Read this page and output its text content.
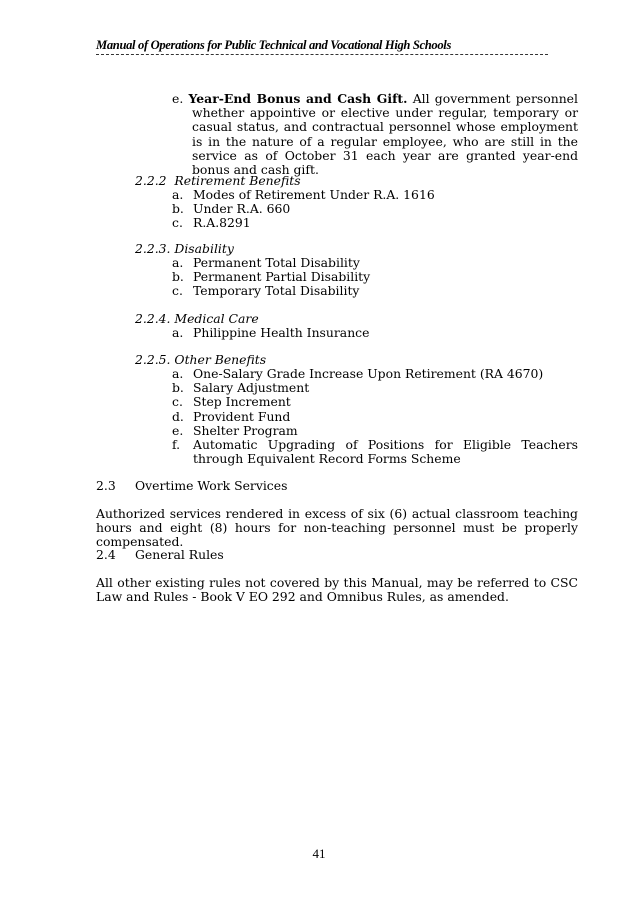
Manual of Operations for Public Technical and Vocational High Schools
e. Year-End Bonus and Cash Gift. All government personnel whether appointive or elective under regular, temporary or casual status, and contractual personnel whose employment is in the nature of a regular employee, who are still in the service as of October 31 each year are granted year-end bonus and cash gift.
2.2.2  Retirement Benefits
a. Modes of Retirement Under R.A. 1616
b. Under R.A. 660
c. R.A.8291
2.2.3. Disability
a. Permanent Total Disability
b. Permanent Partial Disability
c. Temporary Total Disability
2.2.4. Medical Care
a. Philippine Health Insurance
2.2.5. Other Benefits
a. One-Salary Grade Increase Upon Retirement (RA 4670)
b. Salary Adjustment
c. Step Increment
d. Provident Fund
e. Shelter Program
f. Automatic Upgrading of Positions for Eligible Teachers through Equivalent Record Forms Scheme
2.3 Overtime Work Services
Authorized services rendered in excess of six (6) actual classroom teaching hours and eight (8) hours for non-teaching personnel must be properly compensated.
2.4 General Rules
All other existing rules not covered by this Manual, may be referred to CSC Law and Rules - Book V EO 292 and Omnibus Rules, as amended.
41
